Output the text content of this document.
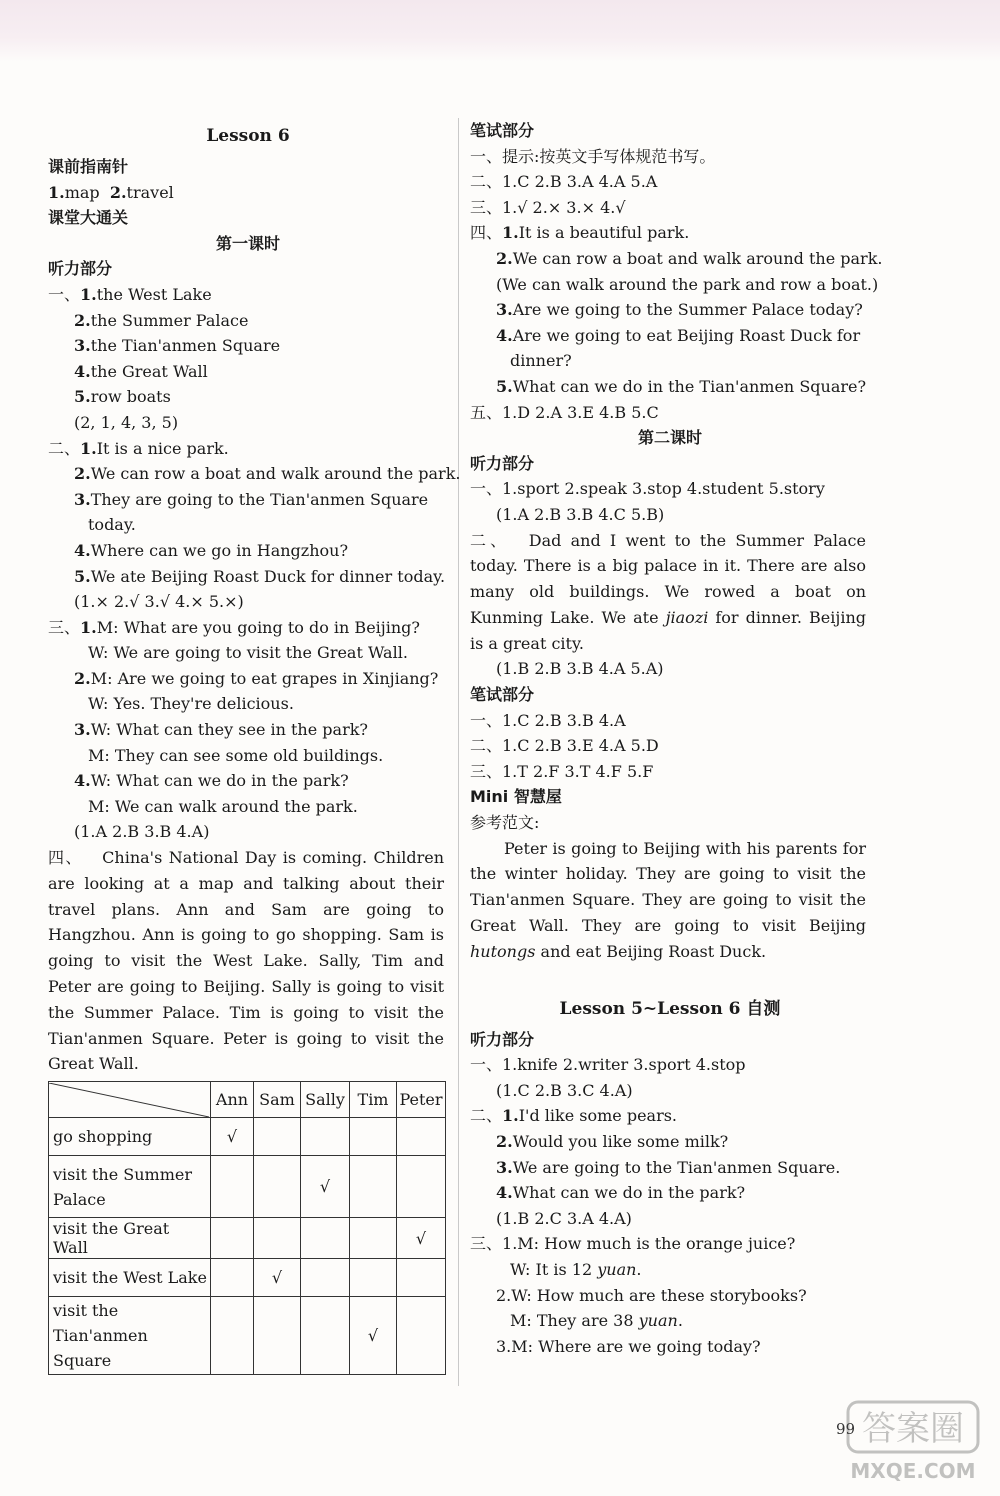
Lesson 6
课前指南针
1.map 2.travel
课堂大通关
第一课时
听力部分
一、1.the West Lake
2.the Summer Palace
3.the Tian'anmen Square
4.the Great Wall
5.row boats
(2, 1, 4, 3, 5)
二、1.It is a nice park.
2.We can row a boat and walk around the park.
3.They are going to the Tian'anmen Square
today.
4.Where can we go in Hangzhou?
5.We ate Beijing Roast Duck for dinner today.
(1.× 2.√ 3.√ 4.× 5.×)
三、1.M: What are you going to do in Beijing?
W: We are going to visit the Great Wall.
2.M: Are we going to eat grapes in Xinjiang?
W: Yes. They're delicious.
3.W: What can they see in the park?
M: They can see some old buildings.
4.W: What can we do in the park?
M: We can walk around the park.
(1.A 2.B 3.B 4.A)
四、 China's National Day is coming. Children are looking at a map and talking about their travel plans. Ann and Sam are going to Hangzhou. Ann is going to go shopping. Sam is going to visit the West Lake. Sally, Tim and Peter are going to Beijing. Sally is going to visit the Summer Palace. Tim is going to visit the Tian'anmen Square. Peter is going to visit the Great Wall.
	Ann	Sam	Sally	Tim	Peter
go shopping	√				
visit the Summer Palace			√		
visit the Great Wall					√
visit the West Lake		√			
visit the Tian'anmen Square				√	
笔试部分
一、提示:按英文手写体规范书写。
二、1.C 2.B 3.A 4.A 5.A
三、1.√ 2.× 3.× 4.√
四、1.It is a beautiful park.
2.We can row a boat and walk around the park.
(We can walk around the park and row a boat.)
3.Are we going to the Summer Palace today?
4.Are we going to eat Beijing Roast Duck for
dinner?
5.What can we do in the Tian'anmen Square?
五、1.D 2.A 3.E 4.B 5.C
第二课时
听力部分
一、1.sport 2.speak 3.stop 4.student 5.story
(1.A 2.B 3.B 4.C 5.B)
二、 Dad and I went to the Summer Palace today. There is a big palace in it. There are also many old buildings. We rowed a boat on Kunming Lake. We ate jiaozi for dinner. Beijing is a great city.
(1.B 2.B 3.B 4.A 5.A)
笔试部分
一、1.C 2.B 3.B 4.A
二、1.C 2.B 3.E 4.A 5.D
三、1.T 2.F 3.T 4.F 5.F
Mini 智慧屋
参考范文:
Peter is going to Beijing with his parents for the winter holiday. They are going to visit the Tian'anmen Square. They are going to visit the Great Wall. They are going to visit Beijing hutongs and eat Beijing Roast Duck.
Lesson 5~Lesson 6 自测
听力部分
一、1.knife 2.writer 3.sport 4.stop
(1.C 2.B 3.C 4.A)
二、1.I'd like some pears.
2.Would you like some milk?
3.We are going to the Tian'anmen Square.
4.What can we do in the park?
(1.B 2.C 3.A 4.A)
三、1.M: How much is the orange juice?
W: It is 12 yuan.
2.W: How much are these storybooks?
M: They are 38 yuan.
3.M: Where are we going today?
99 答案圈
MXQE.COM
